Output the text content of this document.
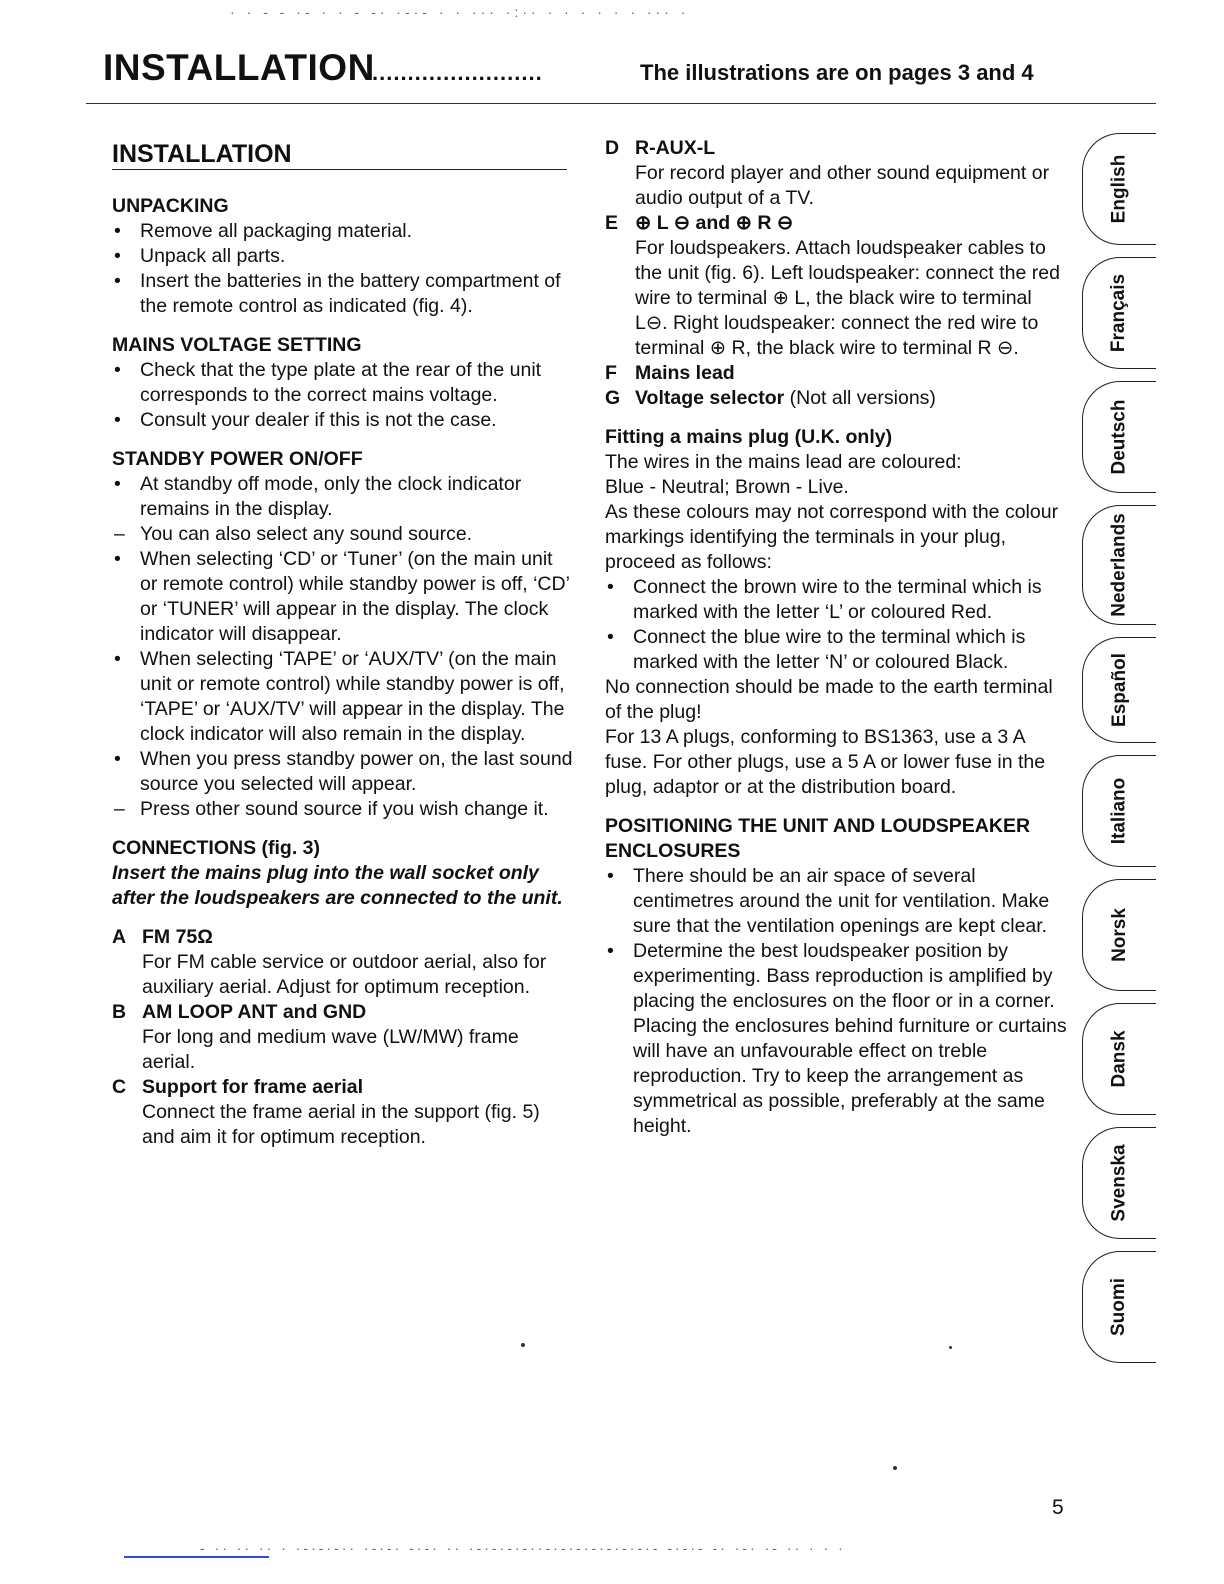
· · - - ·- · · - -· ·-·- · · ··· ·:·· · · · · · · ··· ·
- ·· ·· ·· · ·-·-·-·· ·-·-· -·-· ·· ·-·-·-·-··-·-·-·-·-·-·-·- -·-·- -· ·-· ·- ·· · · ·
INSTALLATION
........................	The illustrations are on pages 3 and 4
INSTALLATION
UNPACKING
• Remove all packaging material.
• Unpack all parts.
• Insert the batteries in the battery compartment of the remote control as indicated (fig. 4).
MAINS VOLTAGE SETTING
• Check that the type plate at the rear of the unit corresponds to the correct mains voltage.
• Consult your dealer if this is not the case.
STANDBY POWER ON/OFF
• At standby off mode, only the clock indicator remains in the display.
– You can also select any sound source.
• When selecting ‘CD’ or ‘Tuner’ (on the main unit or remote control) while standby power is off, ‘CD’ or ‘TUNER’ will appear in the display. The clock indicator will disappear.
• When selecting ‘TAPE’ or ‘AUX/TV’ (on the main unit or remote control) while standby power is off, ‘TAPE’ or ‘AUX/TV’ will appear in the display. The clock indicator will also remain in the display.
• When you press standby power on, the last sound source you selected will appear.
– Press other sound source if you wish change it.
CONNECTIONS (fig. 3)
Insert the mains plug into the wall socket only after the loudspeakers are connected to the unit.
A FM 75Ω
For FM cable service or outdoor aerial, also for auxiliary aerial. Adjust for optimum reception.
B AM LOOP ANT and GND
For long and medium wave (LW/MW) frame aerial.
C Support for frame aerial
Connect the frame aerial in the support (fig. 5) and aim it for optimum reception.
D R-AUX-L
For record player and other sound equipment or audio output of a TV.
E ⊕ L ⊖ and ⊕ R ⊖
For loudspeakers. Attach loudspeaker cables to the unit (fig. 6). Left loudspeaker: connect the red wire to terminal ⊕ L, the black wire to terminal L⊖. Right loudspeaker: connect the red wire to terminal ⊕ R, the black wire to terminal R ⊖.
F Mains lead
G Voltage selector (Not all versions)
Fitting a mains plug (U.K. only)
The wires in the mains lead are coloured:
Blue - Neutral; Brown - Live.
As these colours may not correspond with the colour markings identifying the terminals in your plug, proceed as follows:
• Connect the brown wire to the terminal which is marked with the letter ‘L’ or coloured Red.
• Connect the blue wire to the terminal which is marked with the letter ‘N’ or coloured Black.
No connection should be made to the earth terminal of the plug!
For 13 A plugs, conforming to BS1363, use a 3 A fuse. For other plugs, use a 5 A or lower fuse in the plug, adaptor or at the distribution board.
POSITIONING THE UNIT AND LOUDSPEAKER ENCLOSURES
• There should be an air space of several centimetres around the unit for ventilation. Make sure that the ventilation openings are kept clear.
• Determine the best loudspeaker position by experimenting. Bass reproduction is amplified by placing the enclosures on the floor or in a corner. Placing the enclosures behind furniture or curtains will have an unfavourable effect on treble reproduction. Try to keep the arrangement as symmetrical as possible, preferably at the same height.
English
Français
Deutsch
Nederlands
Español
Italiano
Norsk
Dansk
Svenska
Suomi
5
